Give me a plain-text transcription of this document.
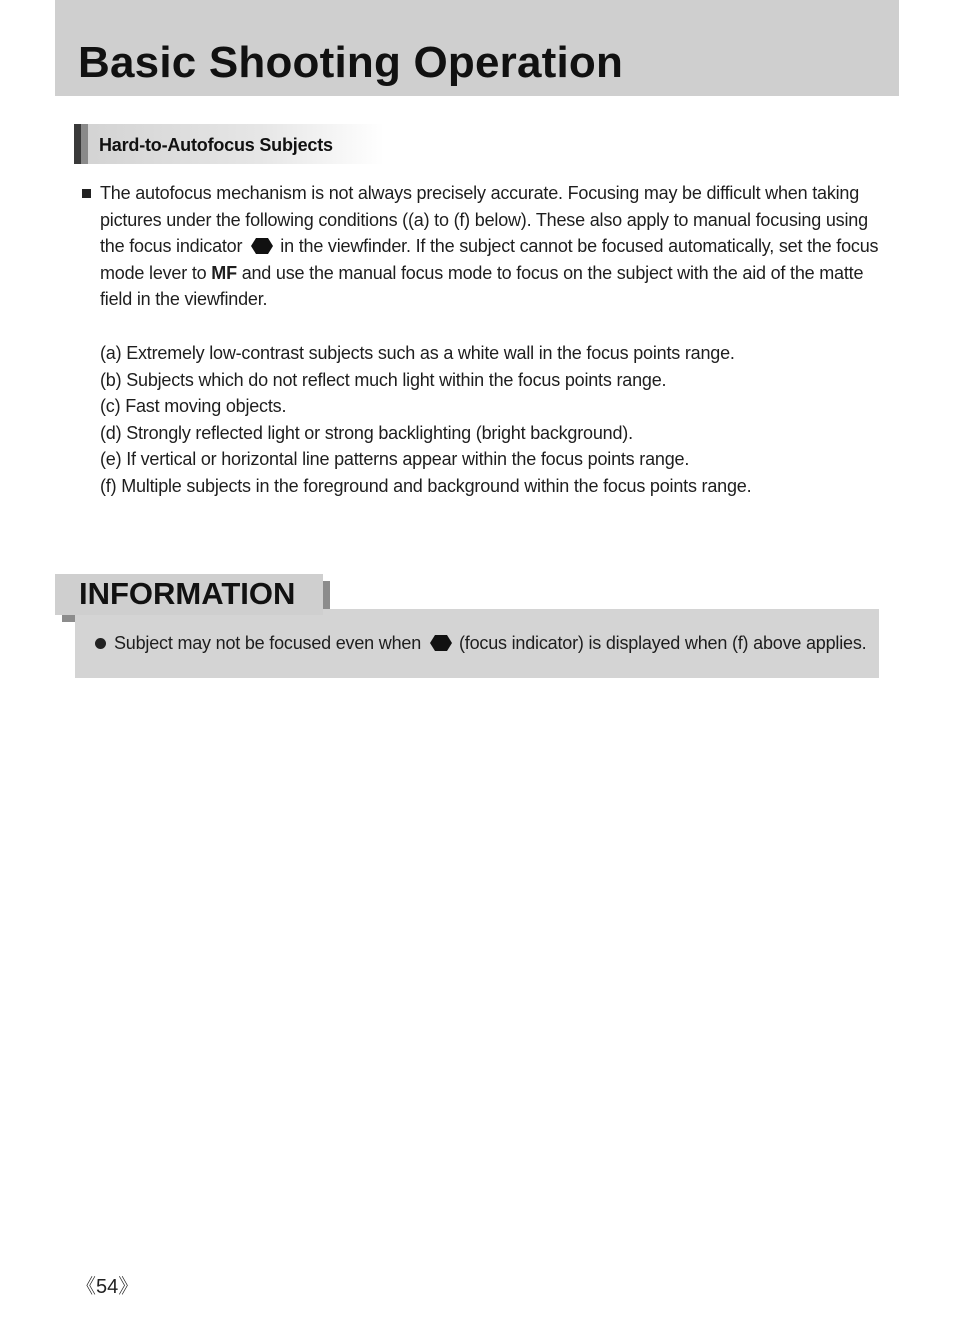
Basic Shooting Operation
Hard-to-Autofocus Subjects
The autofocus mechanism is not always precisely accurate. Focusing may be difficult when taking pictures under the following conditions ((a) to (f) below). These also apply to manual focusing using the focus indicator in the viewfinder. If the subject cannot be focused automatically, set the focus mode lever to MF and use the manual focus mode to focus on the subject with the aid of the matte field in the viewfinder.
(a) Extremely low-contrast subjects such as a white wall in the focus points range.
(b) Subjects which do not reflect much light within the focus points range.
(c) Fast moving objects.
(d) Strongly reflected light or strong backlighting (bright background).
(e) If vertical or horizontal line patterns appear within the focus points range.
(f) Multiple subjects in the foreground and background within the focus points range.
INFORMATION
Subject may not be focused even when (focus indicator) is displayed when (f) above applies.
《54》
